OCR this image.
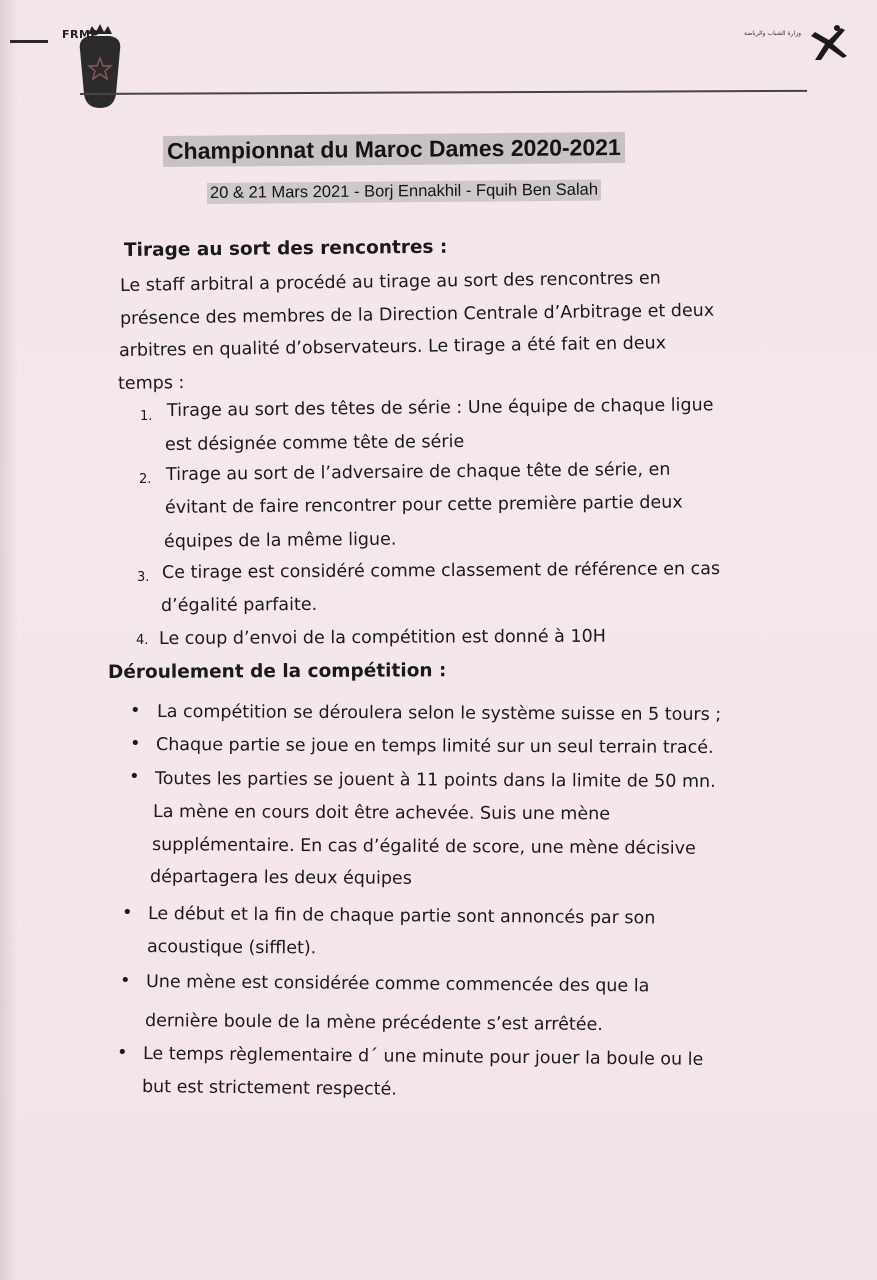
FRMP	وزارة الشباب والرياضة
Championnat du Maroc Dames 2020-2021
20 & 21 Mars 2021 - Borj Ennakhil - Fquih Ben Salah
Tirage au sort des rencontres :
Le staff arbitral a procédé au tirage au sort des rencontres en
présence des membres de la Direction Centrale d’Arbitrage et deux
arbitres en qualité d’observateurs. Le tirage a été fait en deux
temps :
1. Tirage au sort des têtes de série : Une équipe de chaque ligue
est désignée comme tête de série
2. Tirage au sort de l’adversaire de chaque tête de série, en
évitant de faire rencontrer pour cette première partie deux
équipes de la même ligue.
3. Ce tirage est considéré comme classement de référence en cas
d’égalité parfaite.
4. Le coup d’envoi de la compétition est donné à 10H
Déroulement de la compétition :
• La compétition se déroulera selon le système suisse en 5 tours ;
• Chaque partie se joue en temps limité sur un seul terrain tracé.
• Toutes les parties se jouent à 11 points dans la limite de 50 mn.
La mène en cours doit être achevée. Suis une mène
supplémentaire. En cas d’égalité de score, une mène décisive
départagera les deux équipes
• Le début et la fin de chaque partie sont annoncés par son
acoustique (sifflet).
• Une mène est considérée comme commencée des que la
dernière boule de la mène précédente s’est arrêtée.
• Le temps règlementaire d´ une minute pour jouer la boule ou le
but est strictement respecté.
